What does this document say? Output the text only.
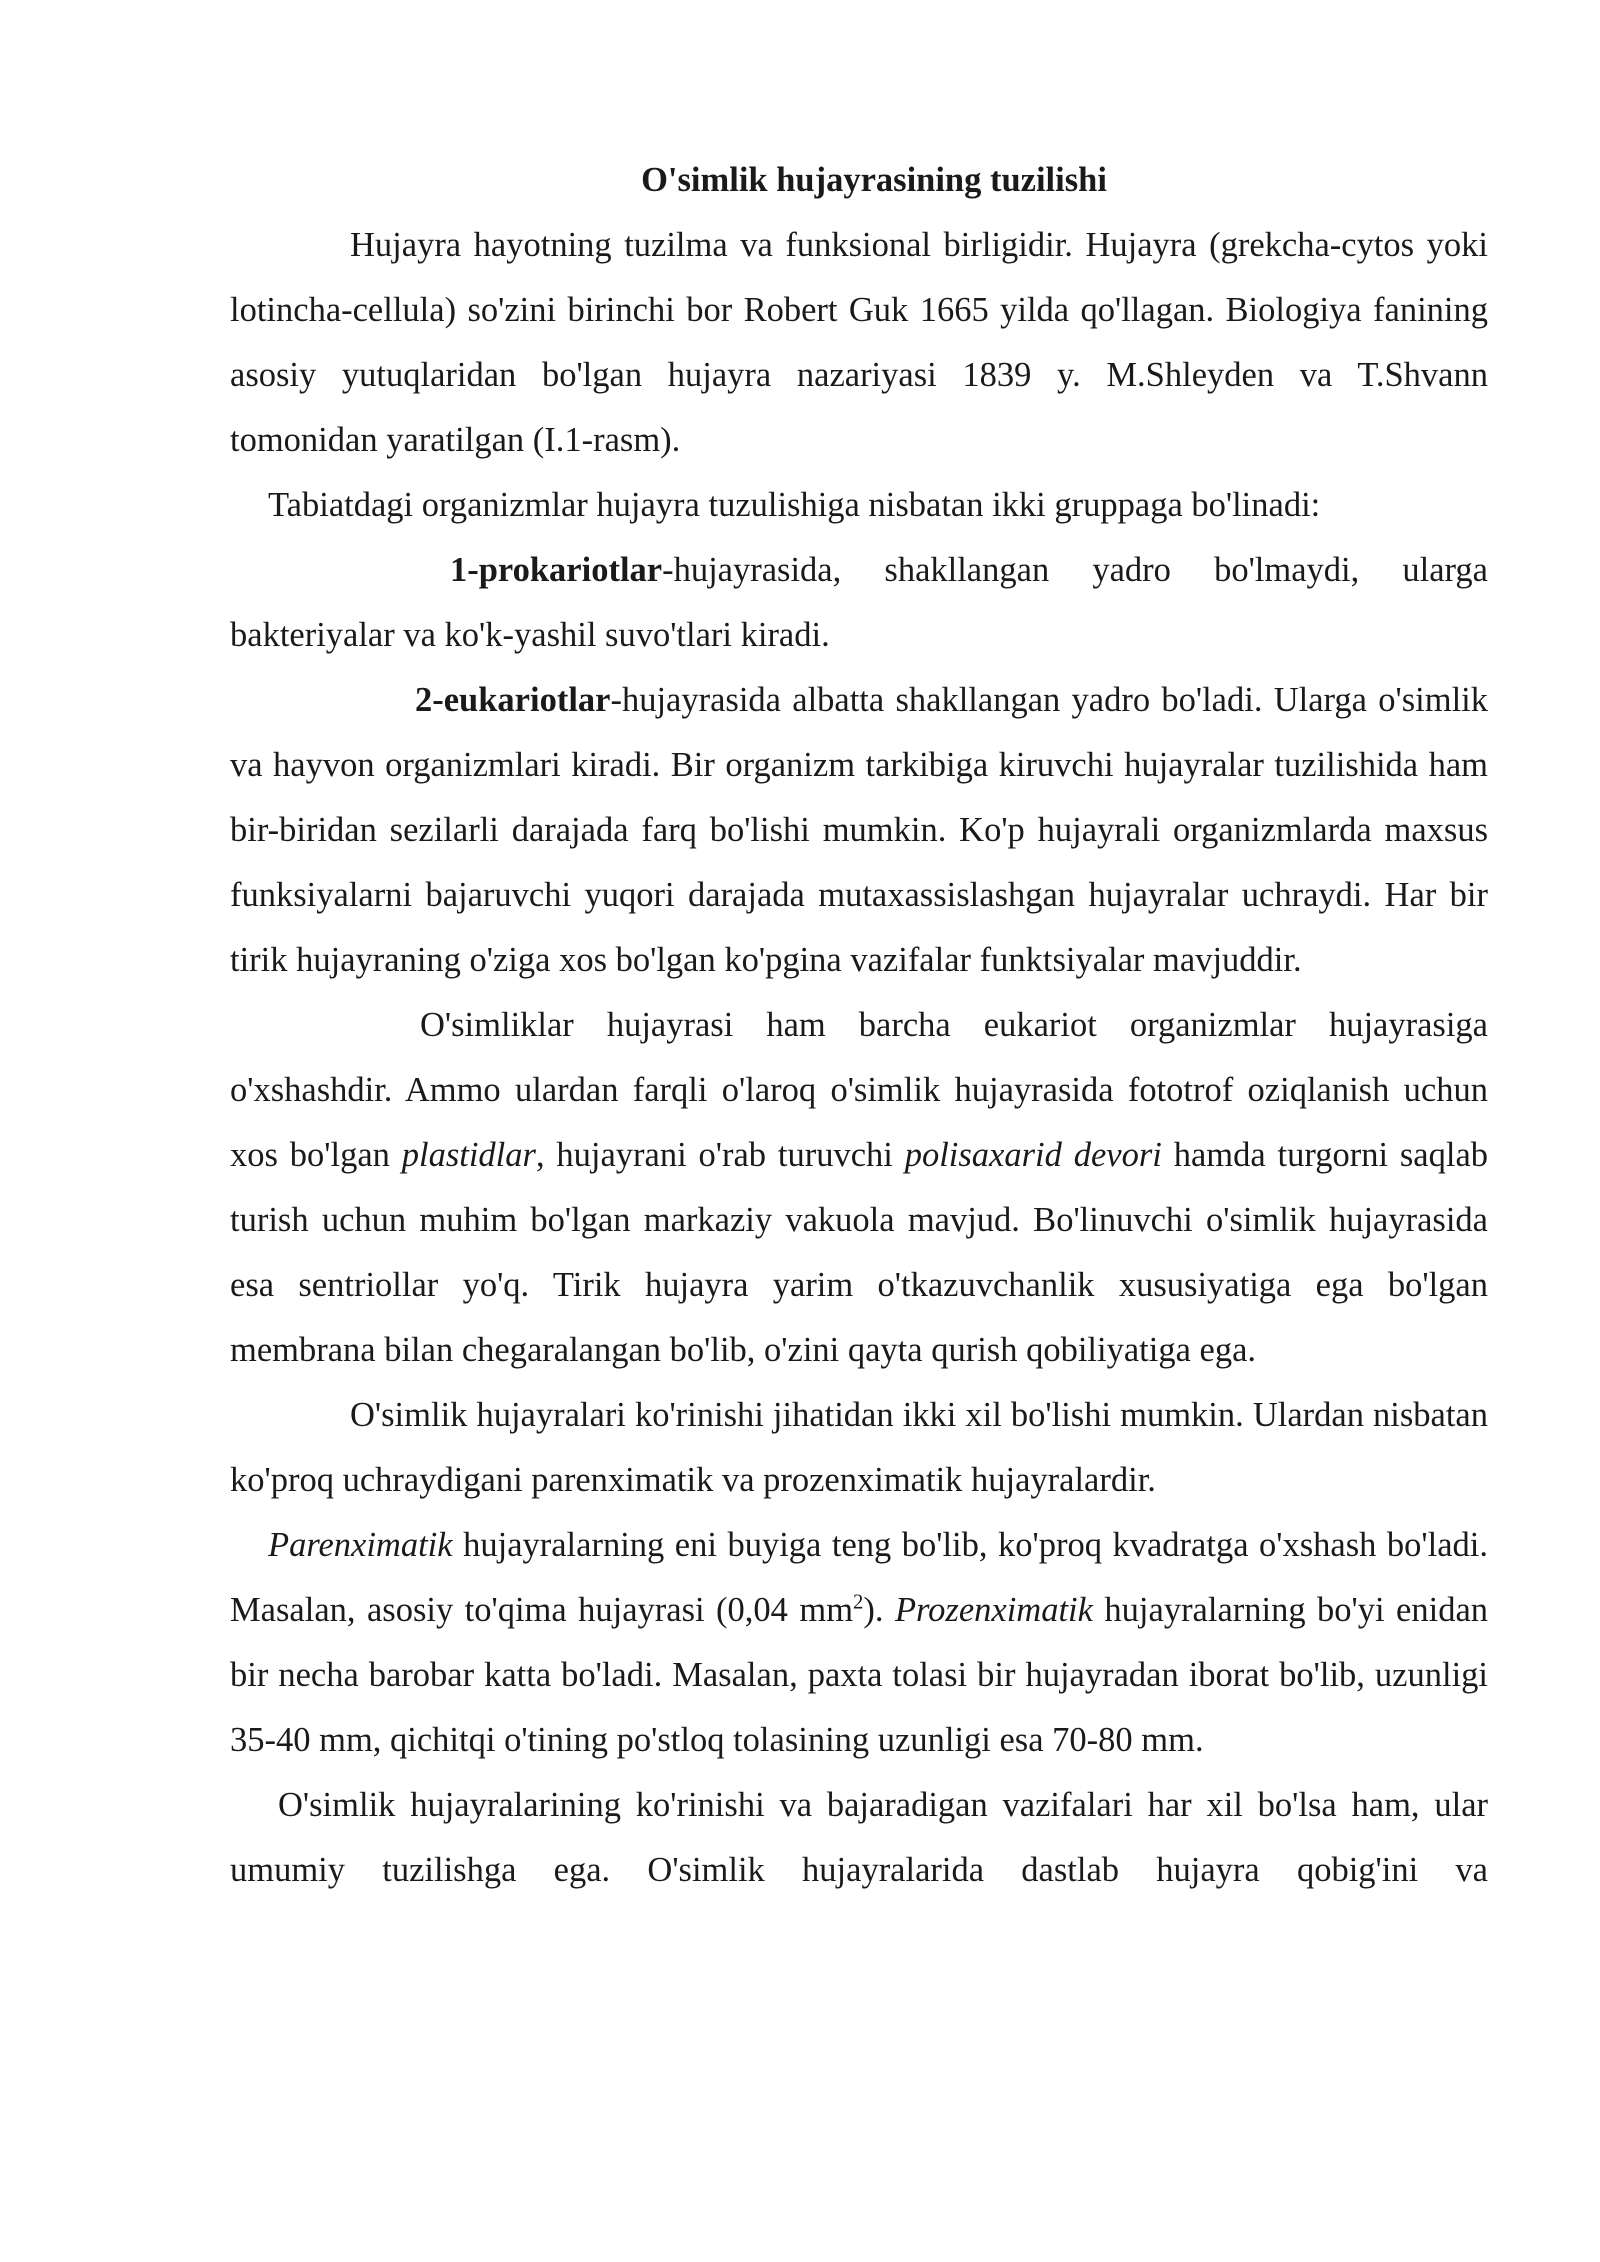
O'simlik hujayrasining tuzilishi

Hujayra hayotning tuzilma va funksional birligidir. Hujayra (grekcha-cytos yoki lotincha-cellula) so'zini birinchi bor Robert Guk 1665 yilda qo'llagan. Biologiya fanining asosiy yutuqlaridan bo'lgan hujayra nazariyasi 1839 y. M.Shleyden va T.Shvann tomonidan yaratilgan (I.1-rasm).

Tabiatdagi organizmlar hujayra tuzulishiga nisbatan ikki gruppaga bo'linadi:

1-prokariotlar-hujayrasida, shakllangan yadro bo'lmaydi, ularga bakteriyalar va ko'k-yashil suvo'tlari kiradi.

2-eukariotlar-hujayrasida albatta shakllangan yadro bo'ladi. Ularga o'simlik va hayvon organizmlari kiradi. Bir organizm tarkibiga kiruvchi hujayralar tuzilishida ham bir-biridan sezilarli darajada farq bo'lishi mumkin. Ko'p hujayrali organizmlarda maxsus funksiyalarni bajaruvchi yuqori darajada mutaxassislashgan hujayralar uchraydi. Har bir tirik hujayraning o'ziga xos bo'lgan ko'pgina vazifalar funktsiyalar mavjuddir.

O'simliklar hujayrasi ham barcha eukariot organizmlar hujayrasiga o'xshashdir. Ammo ulardan farqli o'laroq o'simlik hujayrasida fototrof oziqlanish uchun xos bo'lgan plastidlar, hujayrani o'rab turuvchi polisaxarid devori hamda turgorni saqlab turish uchun muhim bo'lgan markaziy vakuola mavjud. Bo'linuvchi o'simlik hujayrasida esa sentriollar yo'q. Tirik hujayra yarim o'tkazuvchanlik xususiyatiga ega bo'lgan membrana bilan chegaralangan bo'lib, o'zini qayta qurish qobiliyatiga ega.

O'simlik hujayralari ko'rinishi jihatidan ikki xil bo'lishi mumkin. Ulardan nisbatan ko'proq uchraydigani parenximatik va prozenximatik hujayralardir.

Parenximatik hujayralarning eni buyiga teng bo'lib, ko'proq kvadratga o'xshash bo'ladi. Masalan, asosiy to'qima hujayrasi (0,04 $mm^2$). Prozenximatik hujayralarning bo'yi enidan bir necha barobar katta bo'ladi. Masalan, paxta tolasi bir hujayradan iborat bo'lib, uzunligi 35-40 mm, qichitqi o'tining po'stloq tolasining uzunligi esa 70-80 mm.

O'simlik hujayralarining ko'rinishi va bajaradigan vazifalari har xil bo'lsa ham, ular umumiy tuzilishga ega. O'simlik hujayralarida dastlab hujayra qobig'ini va
